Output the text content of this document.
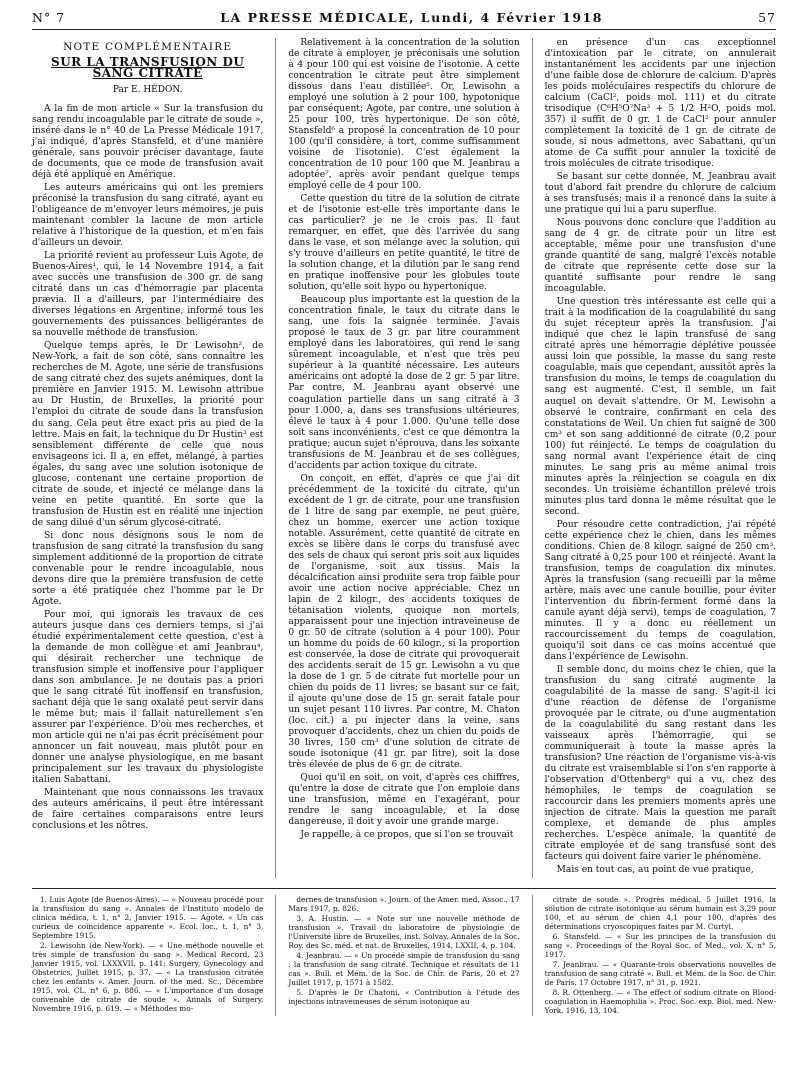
N° 7	LA PRESSE MÉDICALE, Lundi, 4 Février 1918	57
NOTE COMPLÉMENTAIRE
SUR LA TRANSFUSION DU SANG CITRATÉ
Par E. HÉDON.

A la fin de mon article « Sur la transfusion du sang rendu incoagulable par le citrate de soude », inséré dans le n° 40 de La Presse Médicale 1917, j'ai indiqué, d'après Stansfeld, et d'une manière générale, sans pouvoir préciser davantage, faute de documents, que ce mode de transfusion avait déjà été appliqué en Amérique.

Les auteurs américains qui ont les premiers préconisé la transfusion du sang citraté, ayant eu l'obligeance de m'envoyer leurs mémoires, je puis maintenant combler la lacune de mon article relative à l'historique de la question, et m'en fais d'ailleurs un devoir.

La priorité revient au professeur Luis Agote, de Buenos-Aires¹, qui, le 14 Novembre 1914, a fait avec succès une transfusion de 300 gr. de sang citraté dans un cas d'hémorragie par placenta prævia. Il a d'ailleurs, par l'intermédiaire des diverses légations en Argentine, informé tous les gouvernements des puissances belligérantes de sa nouvelle méthode de transfusion.

Quelque temps après, le Dr Lewisohn², de New-York, a fait de son côté, sans connaître les recherches de M. Agote, une série de transfusions de sang citraté chez des sujets anémiques, dont la première en Janvier 1915. M. Lewisohn attribue au Dr Hustin, de Bruxelles, la priorité pour l'emploi du citrate de soude dans la transfusion du sang. Cela peut être exact pris au pied de la lettre. Mais en fait, la technique du Dr Hustin³ est sensiblement différente de celle que nous envisageons ici. Il a, en effet, mélangé, à parties égales, du sang avec une solution isotonique de glucose, contenant une certaine proportion de citrate de soude, et injecté ce mélange dans la veine en petite quantité. En sorte que la transfusion de Hustin est en réalité une injection de sang dilué d'un sérum glycosé-citraté.

Si donc nous désignons sous le nom de transfusion de sang citraté la transfusion du sang simplement additionné de la proportion de citrate convenable pour le rendre incoagulable, nous devons dire que la première transfusion de cette sorte a été pratiquée chez l'homme par le Dr Agote.

Pour moi, qui ignorais les travaux de ces auteurs jusque dans ces derniers temps, si j'ai étudié expérimentalement cette question, c'est à la demande de mon collègue et ami Jeanbrau⁴, qui désirait rechercher une technique de transfusion simple et inoffensive pour l'appliquer dans son ambulance. Je ne doutais pas a priori que le sang citraté fût inoffensif en transfusion, sachant déjà que le sang oxalaté peut servir dans le même but; mais il fallait naturellement s'en assurer par l'expérience. D'où mes recherches, et mon article qui ne n'ai pas écrit précisément pour annoncer un fait nouveau, mais plutôt pour en donner une analyse physiologique, en me basant principalement sur les travaux du physiologiste italien Sabattani.

Maintenant que nous connaissons les travaux des auteurs américains, il peut être intéressant de faire certaines comparaisons entre leurs conclusions et les nôtres.

Relativement à la concentration de la solution de citrate à employer, je préconisais une solution à 4 pour 100 qui est voisine de l'isotonie. A cette concentration le citrate peut être simplement dissous dans l'eau distillée⁵. Or, Lewisohn a employé une solution à 2 pour 100, hypotonique par conséquent; Agote, par contre, une solution à 25 pour 100, très hypertonique. De son côté, Stansfeld⁶ a proposé la concentration de 10 pour 100 (qu'il considère, à tort, comme suffisamment voisine de l'isotonie). C'est également la concentration de 10 pour 100 que M. Jeanbrau a adoptée⁷, après avoir pendant quelque temps employé celle de 4 pour 100.

Cette question du titre de la solution de citrate et de l'isotonie est-elle très importante dans le cas particulier? je ne le crois pas. Il faut remarquer, en effet, que dès l'arrivée du sang dans le vase, et son mélange avec la solution, qui s'y trouve d'ailleurs en petite quantité, le titre de la solution change, et la dilution par le sang rend en pratique inoffensive pour les globules toute solution, qu'elle soit hypo ou hypertonique.

Beaucoup plus importante est la question de la concentration finale, le taux du citrate dans le sang, une fois la saignée terminée. J'avais proposé le taux de 3 gr. par litre couramment employé dans les laboratoires, qui rend le sang sûrement incoagulable, et n'est que très peu supérieur à la quantité nécessaire. Les auteurs américains ont adopté la dose de 2 gr. 5 par litre. Par contre, M. Jeanbrau ayant observé une coagulation partielle dans un sang citraté à 3 pour 1.000, a, dans ses transfusions ultérieures, élevé le taux à 4 pour 1.000. Qu'une telle dose soit sans inconvénients, c'est ce que démontra la pratique; aucun sujet n'éprouva, dans les soixante transfusions de M. Jeanbrau et de ses collègues, d'accidents par action toxique du citrate.

On conçoit, en effet, d'après ce que j'ai dit précédemment de la toxicité du citrate, qu'un excédent de 1 gr. de citrate, pour une transfusion de 1 litre de sang par exemple, ne peut guère, chez un homme, exercer une action toxique notable. Assurément, cette quantité de citrate en excès se libère dans le corps du transfusé avec des sels de chaux qui seront pris soit aux liquides de l'organisme, soit aux tissus. Mais la décalcification ainsi produite sera trop faible pour avoir une action nocive appréciable. Chez un lapin de 2 kilogr., des accidents toxiques de tétanisation violents, quoique non mortels, apparaissent pour une injection intraveineuse de 0 gr. 50 de citrate (solution à 4 pour 100). Pour un homme du poids de 60 kilogr., si la proportion est conservée, la dose de citrate qui provoquerait des accidents serait de 15 gr. Lewisohn a vu que la dose de 1 gr. 5 de citrate fut mortelle pour un chien du poids de 11 livres; se basant sur ce fait, il ajoute qu'une dose de 15 gr. serait fatale pour un sujet pesant 110 livres. Par contre, M. Chaton (loc. cit.) a pu injecter dans la veine, sans provoquer d'accidents, chez un chien du poids de 30 livres, 150 cm³ d'une solution de citrate de soude isotonique (41 gr. par litre), soit la dose très élevée de plus de 6 gr. de citrate.

Quoi qu'il en soit, on voit, d'après ces chiffres, qu'entre la dose de citrate que l'on emploie dans une transfusion, même en l'exagérant, pour rendre le sang incoagulable, et la dose dangereuse, il doit y avoir une grande marge.

Je rappelle, à ce propos, que si l'on se trouvait

en présence d'un cas exceptionnel d'intoxication par le citrate, on annulerait instantanément les accidents par une injection d'une faible dose de chlorure de calcium. D'après les poids moléculaires respectifs du chlorure de calcium (CaCl², poids mol. 111) et du citrate trisodique (C⁶H⁵O⁷Na³ + 5 1/2 H²O, poids mol. 357) il suffit de 0 gr. 1 de CaCl² pour annuler complètement la toxicité de 1 gr. de citrate de soude, si nous admettons, avec Sabattani, qu'un atome de Ca suffit pour annuler la toxicité de trois molécules de citrate trisodique.

Se basant sur cette donnée, M. Jeanbrau avait tout d'abord fait prendre du chlorure de calcium à ses transfusés; mais il a renoncé dans la suite à une pratique qui lui a paru superflue.

Nous pouvons donc conclure que l'addition au sang de 4 gr. de citrate pour un litre est acceptable, même pour une transfusion d'une grande quantité de sang, malgré l'excès notable de citrate que représente cette dose sur la quantité suffisante pour rendre le sang incoagulable.

Une question très intéressante est celle qui a trait à la modification de la coagulabilité du sang du sujet récepteur après la transfusion. J'ai indiqué que chez le lapin transfusé de sang citraté après une hémorragie déplétive poussée aussi loin que possible, la masse du sang reste coagulable, mais que cependant, aussitôt après la transfusion du moins, le temps de coagulation du sang est augmenté. C'est, il semble, un fait auquel on devait s'attendre. Or M. Lewisohn a observé le contraire, confirmant en cela des constatations de Weil. Un chien fut saigné de 300 cm³ et son sang additionné de citrate (0,2 pour 100) fut réinjecté. Le temps de coagulation du sang normal avant l'expérience était de cinq minutes. Le sang pris au même animal trois minutes après la réinjection se coagula en dix secondes. Un troisième échantillon prélevé trois minutes plus tard donna le même résultat que le second.

Pour résoudre cette contradiction, j'ai répété cette expérience chez le chien, dans les mêmes conditions. Chien de 8 kilogr. saigné de 250 cm³. Sang citraté à 0,25 pour 100 et réinjecté. Avant la transfusion, temps de coagulation dix minutes. Après la transfusion (sang recueilli par la même artère, mais avec une canule bouillie, pour éviter l'intervention du fibrin-ferment formé dans la canule ayant déjà servi), temps de coagulation, 7 minutes. Il y a donc eu réellement un raccourcissement du temps de coagulation, quoiqu'il soit dans ce cas moins accentué que dans l'expérience de Lewisohn.

Il semble donc, du moins chez le chien, que la transfusion du sang citraté augmente la coagulabilité de la masse de sang. S'agit-il ici d'une réaction de défense de l'organisme provoquée par le citrate, ou d'une augmentation de la coagulabilité du sang restant dans les vaisseaux après l'hémorragie, qui se communiquerait à toute la masse après la transfusion? Une réaction de l'organisme vis-à-vis du citrate est vraisemblable si l'on s'en rapporte à l'observation d'Ottenberg⁸ qui a vu, chez des hémophiles, le temps de coagulation se raccourcir dans les premiers moments après une injection de citrate. Mais la question me paraît complexe, et demande de plus amples recherches. L'espèce animale, la quantité de citrate employée et de sang transfusé sont des facteurs qui doivent faire varier le phénomène.

Mais en tout cas, au point de vue pratique,

1. Luis Agote (de Buenos-Aires). — « Nouveau procédé pour la transfusion du sang ». Annales de l'Instituto modelo de clinica médica, t. 1, n° 2, Janvier 1915. — Agote. « Un cas curieux de coïncidence apparente ». Ecol. loc., t. 1, n° 3, Septembre 1915.

2. Lewisohn (de New-York). — « Une méthode nouvelle et très simple de transfusion du sang ». Medical Record, 23 Janvier 1915, vol. LXXXVII, p. 141; Surgery, Gynecology and Obstetrics, Juillet 1915, p. 37. — « La transfusion citratée chez les enfants ». Amer. Journ. of the med. Sc., Décembre 1915, vol. CL, n° 6, p. 886. — « L'importance d'un dosage convenable de citrate de soude ». Annals of Surgery, Novembre 1916, p. 619. — « Méthodes mo-

dernes de transfusion ». Journ. of the Amer. med. Assoc., 17 Mars 1917, p. 826.

3. A. Hustin. — « Note sur une nouvelle méthode de transfusion ». Travail du laboratoire de physiologie de l'Université libre de Bruxelles, inst. Solvay. Annales de la Soc. Roy. des Sc. méd. et nat. de Bruxelles, 1914, LXXII, 4, p. 104.

4. Jeanbrau. — « Un procédé simple de transfusion du sang : la transfusion de sang citraté. Technique et résultats de 11 cas ». Bull. et Mém. de la Soc. de Chir. de Paris, 20 et 27 Juillet 1917, p. 1571 à 1582.

5. D'après le Dr Chatoni, « Contribution à l'étude des injections intraveineuses de sérum isotonique au

citrate de soude ». Progrès médical, 5 Juillet 1916, la solution de citrate isotonique au sérum humain est 3,29 pour 100, et au sérum de chien 4,1 pour 100, d'après des déterminations cryoscopiques faites par M. Curtyl.

6. Stansfeld. — « Sur les principes de la transfusion du sang ». Proceedings of the Royal Soc. of Med., vol. X, n° 5, 1917.

7. Jeanbrau. — « Quarante-trois observations nouvelles de transfusion de sang citraté ». Bull. et Mém. de la Soc. de Chir. de Paris, 17 Octobre 1917, n° 31, p. 1921.

8. R. Ottenberg. — « The effect of sodium citrate on Blood-coagulation in Haemophilia ». Proc. Soc. exp. Biol. med. New-York, 1916, 13, 104.
